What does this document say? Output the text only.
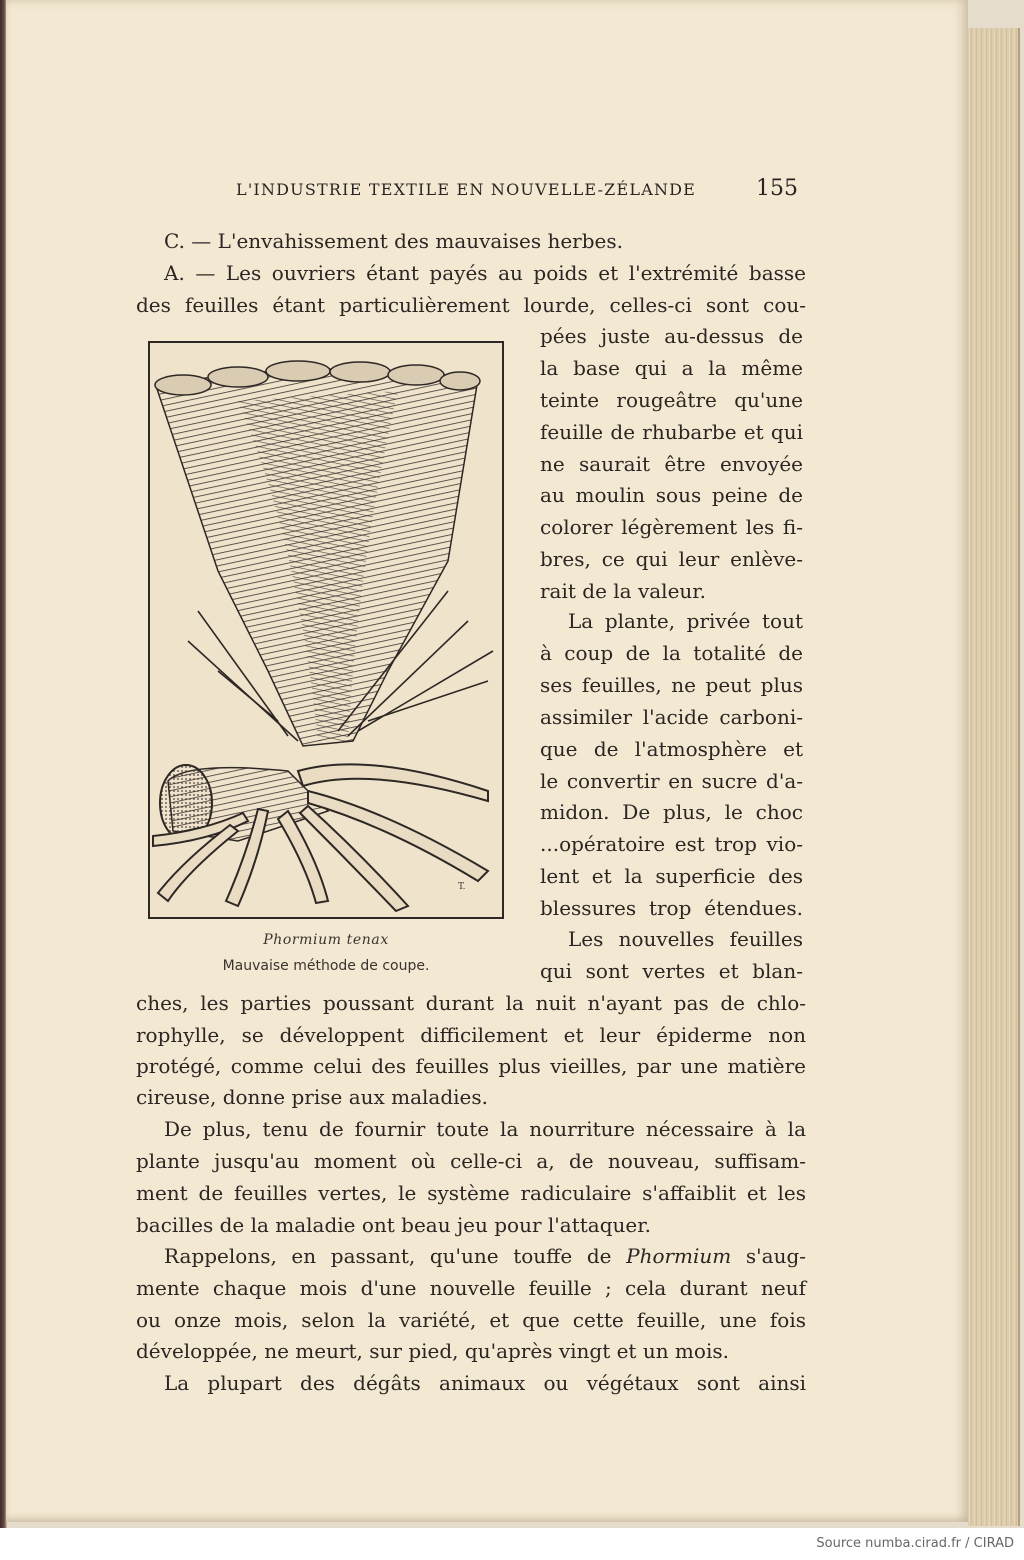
L'INDUSTRIE TEXTILE EN NOUVELLE-ZÉLANDE	155
C. — L'envahissement des mauvaises herbes.
A. — Les ouvriers étant payés au poids et l'extrémité basse
des feuilles étant particulièrement lourde, celles-ci sont cou-
pées juste au-dessus de
la base qui a la même
teinte rougeâtre qu'une
feuille de rhubarbe et qui
ne saurait être envoyée
au moulin sous peine de
colorer légèrement les fi-
bres, ce qui leur enlève-
rait de la valeur.
La plante, privée tout
à coup de la totalité de
ses feuilles, ne peut plus
assimiler l'acide carboni-
que de l'atmosphère et
le convertir en sucre d'a-
midon. De plus, le choc
...opératoire est trop vio-
lent et la superficie des
blessures trop étendues.
Les nouvelles feuilles
qui sont vertes et blan-
T.
Phormium tenax
Mauvaise méthode de coupe.
ches, les parties poussant durant la nuit n'ayant pas de chlo-
rophylle, se développent difficilement et leur épiderme non
protégé, comme celui des feuilles plus vieilles, par une matière
cireuse, donne prise aux maladies.
De plus, tenu de fournir toute la nourriture nécessaire à la
plante jusqu'au moment où celle-ci a, de nouveau, suffisam-
ment de feuilles vertes, le système radiculaire s'affaiblit et les
bacilles de la maladie ont beau jeu pour l'attaquer.
Rappelons, en passant, qu'une touffe de Phormium s'aug-
mente chaque mois d'une nouvelle feuille ; cela durant neuf
ou onze mois, selon la variété, et que cette feuille, une fois
développée, ne meurt, sur pied, qu'après vingt et un mois.
La plupart des dégâts animaux ou végétaux sont ainsi
Source numba.cirad.fr / CIRAD
